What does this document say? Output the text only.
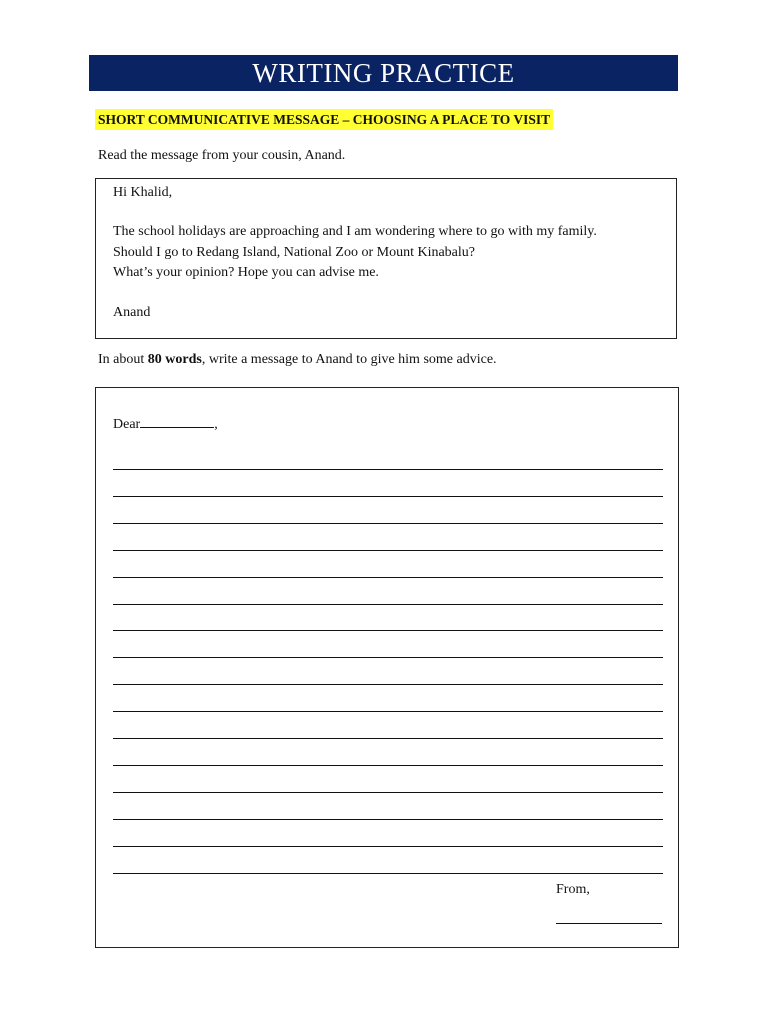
WRITING PRACTICE
SHORT COMMUNICATIVE MESSAGE – CHOOSING A PLACE TO VISIT
Read the message from your cousin, Anand.
Hi Khalid,
The school holidays are approaching and I am wondering where to go with my family.
Should I go to Redang Island, National Zoo or Mount Kinabalu?
What’s your opinion? Hope you can advise me.
Anand
In about 80 words, write a message to Anand to give him some advice.
Dear	,
From,
